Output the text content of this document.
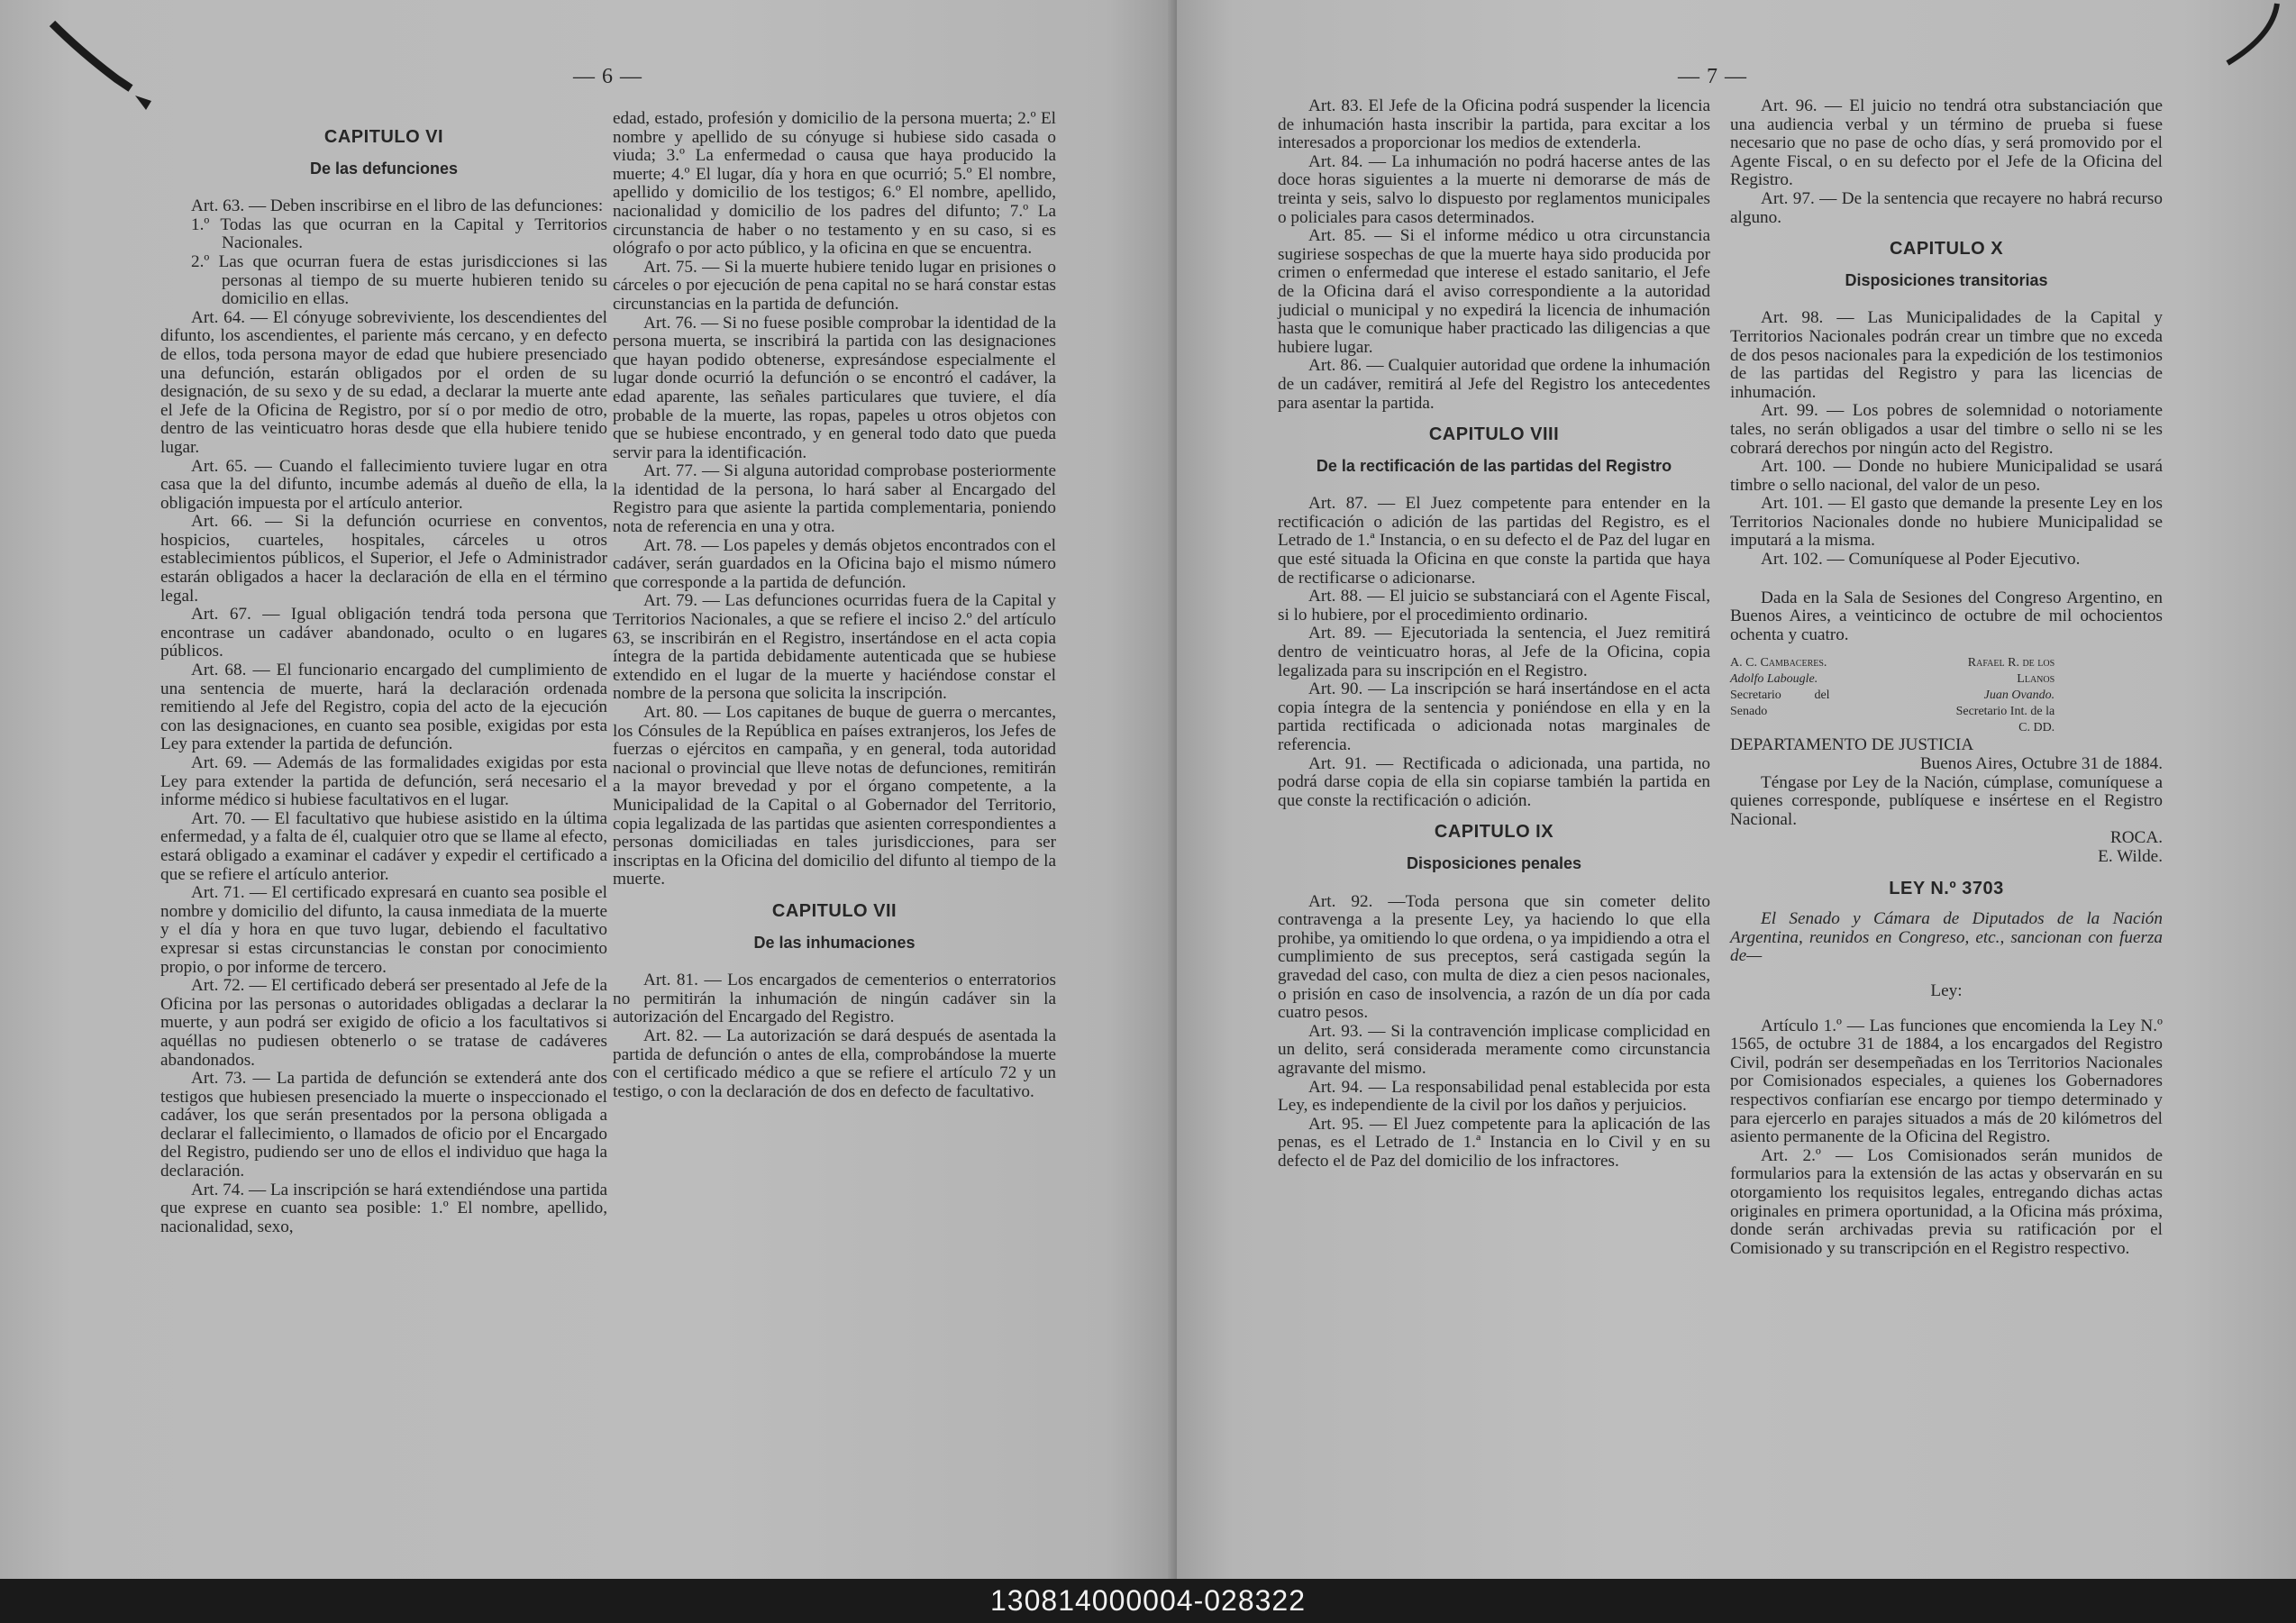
— 6 —
CAPITULO VI
De las defunciones

Art. 63. — Deben inscribirse en el libro de las defunciones:

1.º Todas las que ocurran en la Capital y Territorios Nacionales.

2.º Las que ocurran fuera de estas jurisdicciones si las personas al tiempo de su muerte hubieren tenido su domicilio en ellas.

Art. 64. — El cónyuge sobreviviente, los descendientes del difunto, los ascendientes, el pariente más cercano, y en defecto de ellos, toda persona mayor de edad que hubiere presenciado una defunción, estarán obligados por el orden de su designación, de su sexo y de su edad, a declarar la muerte ante el Jefe de la Oficina de Registro, por sí o por medio de otro, dentro de las veinticuatro horas desde que ella hubiere tenido lugar.

Art. 65. — Cuando el fallecimiento tuviere lugar en otra casa que la del difunto, incumbe además al dueño de ella, la obligación impuesta por el artículo anterior.

Art. 66. — Si la defunción ocurriese en conventos, hospicios, cuarteles, hospitales, cárceles u otros establecimientos públicos, el Superior, el Jefe o Administrador estarán obligados a hacer la declaración de ella en el término legal.

Art. 67. — Igual obligación tendrá toda persona que encontrase un cadáver abandonado, oculto o en lugares públicos.

Art. 68. — El funcionario encargado del cumplimiento de una sentencia de muerte, hará la declaración ordenada remitiendo al Jefe del Registro, copia del acto de la ejecución con las designaciones, en cuanto sea posible, exigidas por esta Ley para extender la partida de defunción.

Art. 69. — Además de las formalidades exigidas por esta Ley para extender la partida de defunción, será necesario el informe médico si hubiese facultativos en el lugar.

Art. 70. — El facultativo que hubiese asistido en la última enfermedad, y a falta de él, cualquier otro que se llame al efecto, estará obligado a examinar el cadáver y expedir el certificado a que se refiere el artículo anterior.

Art. 71. — El certificado expresará en cuanto sea posible el nombre y domicilio del difunto, la causa inmediata de la muerte y el día y hora en que tuvo lugar, debiendo el facultativo expresar si estas circunstancias le constan por conocimiento propio, o por informe de tercero.

Art. 72. — El certificado deberá ser presentado al Jefe de la Oficina por las personas o autoridades obligadas a declarar la muerte, y aun podrá ser exigido de oficio a los facultativos si aquéllas no pudiesen obtenerlo o se tratase de cadáveres abandonados.

Art. 73. — La partida de defunción se extenderá ante dos testigos que hubiesen presenciado la muerte o inspeccionado el cadáver, los que serán presentados por la persona obligada a declarar el fallecimiento, o llamados de oficio por el Encargado del Registro, pudiendo ser uno de ellos el individuo que haga la declaración.

Art. 74. — La inscripción se hará extendiéndose una partida que exprese en cuanto sea posible: 1.º El nombre, apellido, nacionalidad, sexo,

edad, estado, profesión y domicilio de la persona muerta; 2.º El nombre y apellido de su cónyuge si hubiese sido casada o viuda; 3.º La enfermedad o causa que haya producido la muerte; 4.º El lugar, día y hora en que ocurrió; 5.º El nombre, apellido y domicilio de los testigos; 6.º El nombre, apellido, nacionalidad y domicilio de los padres del difunto; 7.º La circunstancia de haber o no testamento y en su caso, si es ológrafo o por acto público, y la oficina en que se encuentra.

Art. 75. — Si la muerte hubiere tenido lugar en prisiones o cárceles o por ejecución de pena capital no se hará constar estas circunstancias en la partida de defunción.

Art. 76. — Si no fuese posible comprobar la identidad de la persona muerta, se inscribirá la partida con las designaciones que hayan podido obtenerse, expresándose especialmente el lugar donde ocurrió la defunción o se encontró el cadáver, la edad aparente, las señales particulares que tuviere, el día probable de la muerte, las ropas, papeles u otros objetos con que se hubiese encontrado, y en general todo dato que pueda servir para la identificación.

Art. 77. — Si alguna autoridad comprobase posteriormente la identidad de la persona, lo hará saber al Encargado del Registro para que asiente la partida complementaria, poniendo nota de referencia en una y otra.

Art. 78. — Los papeles y demás objetos encontrados con el cadáver, serán guardados en la Oficina bajo el mismo número que corresponde a la partida de defunción.

Art. 79. — Las defunciones ocurridas fuera de la Capital y Territorios Nacionales, a que se refiere el inciso 2.º del artículo 63, se inscribirán en el Registro, insertándose en el acta copia íntegra de la partida debidamente autenticada que se hubiese extendido en el lugar de la muerte y haciéndose constar el nombre de la persona que solicita la inscripción.

Art. 80. — Los capitanes de buque de guerra o mercantes, los Cónsules de la República en países extranjeros, los Jefes de fuerzas o ejércitos en campaña, y en general, toda autoridad nacional o provincial que lleve notas de defunciones, remitirán a la mayor brevedad y por el órgano competente, a la Municipalidad de la Capital o al Gobernador del Territorio, copia legalizada de las partidas que asienten correspondientes a personas domiciliadas en tales jurisdicciones, para ser inscriptas en la Oficina del domicilio del difunto al tiempo de la muerte.

CAPITULO VII
De las inhumaciones

Art. 81. — Los encargados de cementerios o enterratorios no permitirán la inhumación de ningún cadáver sin la autorización del Encargado del Registro.

Art. 82. — La autorización se dará después de asentada la partida de defunción o antes de ella, comprobándose la muerte con el certificado médico a que se refiere el artículo 72 y un testigo, o con la declaración de dos en defecto de facultativo.

— 7 —

Art. 83. El Jefe de la Oficina podrá suspender la licencia de inhumación hasta inscribir la partida, para excitar a los interesados a proporcionar los medios de extenderla.

Art. 84. — La inhumación no podrá hacerse antes de las doce horas siguientes a la muerte ni demorarse de más de treinta y seis, salvo lo dispuesto por reglamentos municipales o policiales para casos determinados.

Art. 85. — Si el informe médico u otra circunstancia sugiriese sospechas de que la muerte haya sido producida por crimen o enfermedad que interese el estado sanitario, el Jefe de la Oficina dará el aviso correspondiente a la autoridad judicial o municipal y no expedirá la licencia de inhumación hasta que le comunique haber practicado las diligencias a que hubiere lugar.

Art. 86. — Cualquier autoridad que ordene la inhumación de un cadáver, remitirá al Jefe del Registro los antecedentes para asentar la partida.

CAPITULO VIII
De la rectificación de las partidas del Registro

Art. 87. — El Juez competente para entender en la rectificación o adición de las partidas del Registro, es el Letrado de 1.ª Instancia, o en su defecto el de Paz del lugar en que esté situada la Oficina en que conste la partida que haya de rectificarse o adicionarse.

Art. 88. — El juicio se substanciará con el Agente Fiscal, si lo hubiere, por el procedimiento ordinario.

Art. 89. — Ejecutoriada la sentencia, el Juez remitirá dentro de veinticuatro horas, al Jefe de la Oficina, copia legalizada para su inscripción en el Registro.

Art. 90. — La inscripción se hará insertándose en el acta copia íntegra de la sentencia y poniéndose en ella y en la partida rectificada o adicionada notas marginales de referencia.

Art. 91. — Rectificada o adicionada, una partida, no podrá darse copia de ella sin copiarse también la partida en que conste la rectificación o adición.

CAPITULO IX
Disposiciones penales

Art. 92. —Toda persona que sin cometer delito contravenga a la presente Ley, ya haciendo lo que ella prohibe, ya omitiendo lo que ordena, o ya impidiendo a otra el cumplimiento de sus preceptos, será castigada según la gravedad del caso, con multa de diez a cien pesos nacionales, o prisión en caso de insolvencia, a razón de un día por cada cuatro pesos.

Art. 93. — Si la contravención implicase complicidad en un delito, será considerada meramente como circunstancia agravante del mismo.

Art. 94. — La responsabilidad penal establecida por esta Ley, es independiente de la civil por los daños y perjuicios.

Art. 95. — El Juez competente para la aplicación de las penas, es el Letrado de 1.ª Instancia en lo Civil y en su defecto el de Paz del domicilio de los infractores.

Art. 96. — El juicio no tendrá otra substanciación que una audiencia verbal y un término de prueba si fuese necesario que no pase de ocho días, y será promovido por el Agente Fiscal, o en su defecto por el Jefe de la Oficina del Registro.

Art. 97. — De la sentencia que recayere no habrá recurso alguno.

CAPITULO X
Disposiciones transitorias

Art. 98. — Las Municipalidades de la Capital y Territorios Nacionales podrán crear un timbre que no exceda de dos pesos nacionales para la expedición de los testimonios de las partidas del Registro y para las licencias de inhumación.

Art. 99. — Los pobres de solemnidad o notoriamente tales, no serán obligados a usar del timbre o sello ni se les cobrará derechos por ningún acto del Registro.

Art. 100. — Donde no hubiere Municipalidad se usará timbre o sello nacional, del valor de un peso.

Art. 101. — El gasto que demande la presente Ley en los Territorios Nacionales donde no hubiere Municipalidad se imputará a la misma.

Art. 102. — Comuníquese al Poder Ejecutivo.

Dada en la Sala de Sesiones del Congreso Argentino, en Buenos Aires, a veinticinco de octubre de mil ochocientos ochenta y cuatro.

A. C. Cambaceres.
Adolfo Labougle.
Secretario del Senado
Rafael R. de los Llanos
Juan Ovando.
Secretario Int. de la C. DD.

DEPARTAMENTO DE JUSTICIA

Buenos Aires, Octubre 31 de 1884.

Téngase por Ley de la Nación, cúmplase, comuníquese a quienes corresponde, publíquese e insértese en el Registro Nacional.

ROCA.

E. Wilde.

LEY N.º 3703

El Senado y Cámara de Diputados de la Nación Argentina, reunidos en Congreso, etc., sancionan con fuerza de—

Ley:

Artículo 1.º — Las funciones que encomienda la Ley N.º 1565, de octubre 31 de 1884, a los encargados del Registro Civil, podrán ser desempeñadas en los Territorios Nacionales por Comisionados especiales, a quienes los Gobernadores respectivos confiarían ese encargo por tiempo determinado y para ejercerlo en parajes situados a más de 20 kilómetros del asiento permanente de la Oficina del Registro.

Art. 2.º — Los Comisionados serán munidos de formularios para la extensión de las actas y observarán en su otorgamiento los requisitos legales, entregando dichas actas originales en primera oportunidad, a la Oficina más próxima, donde serán archivadas previa su ratificación por el Comisionado y su transcripción en el Registro respectivo.

130814000004-028322
